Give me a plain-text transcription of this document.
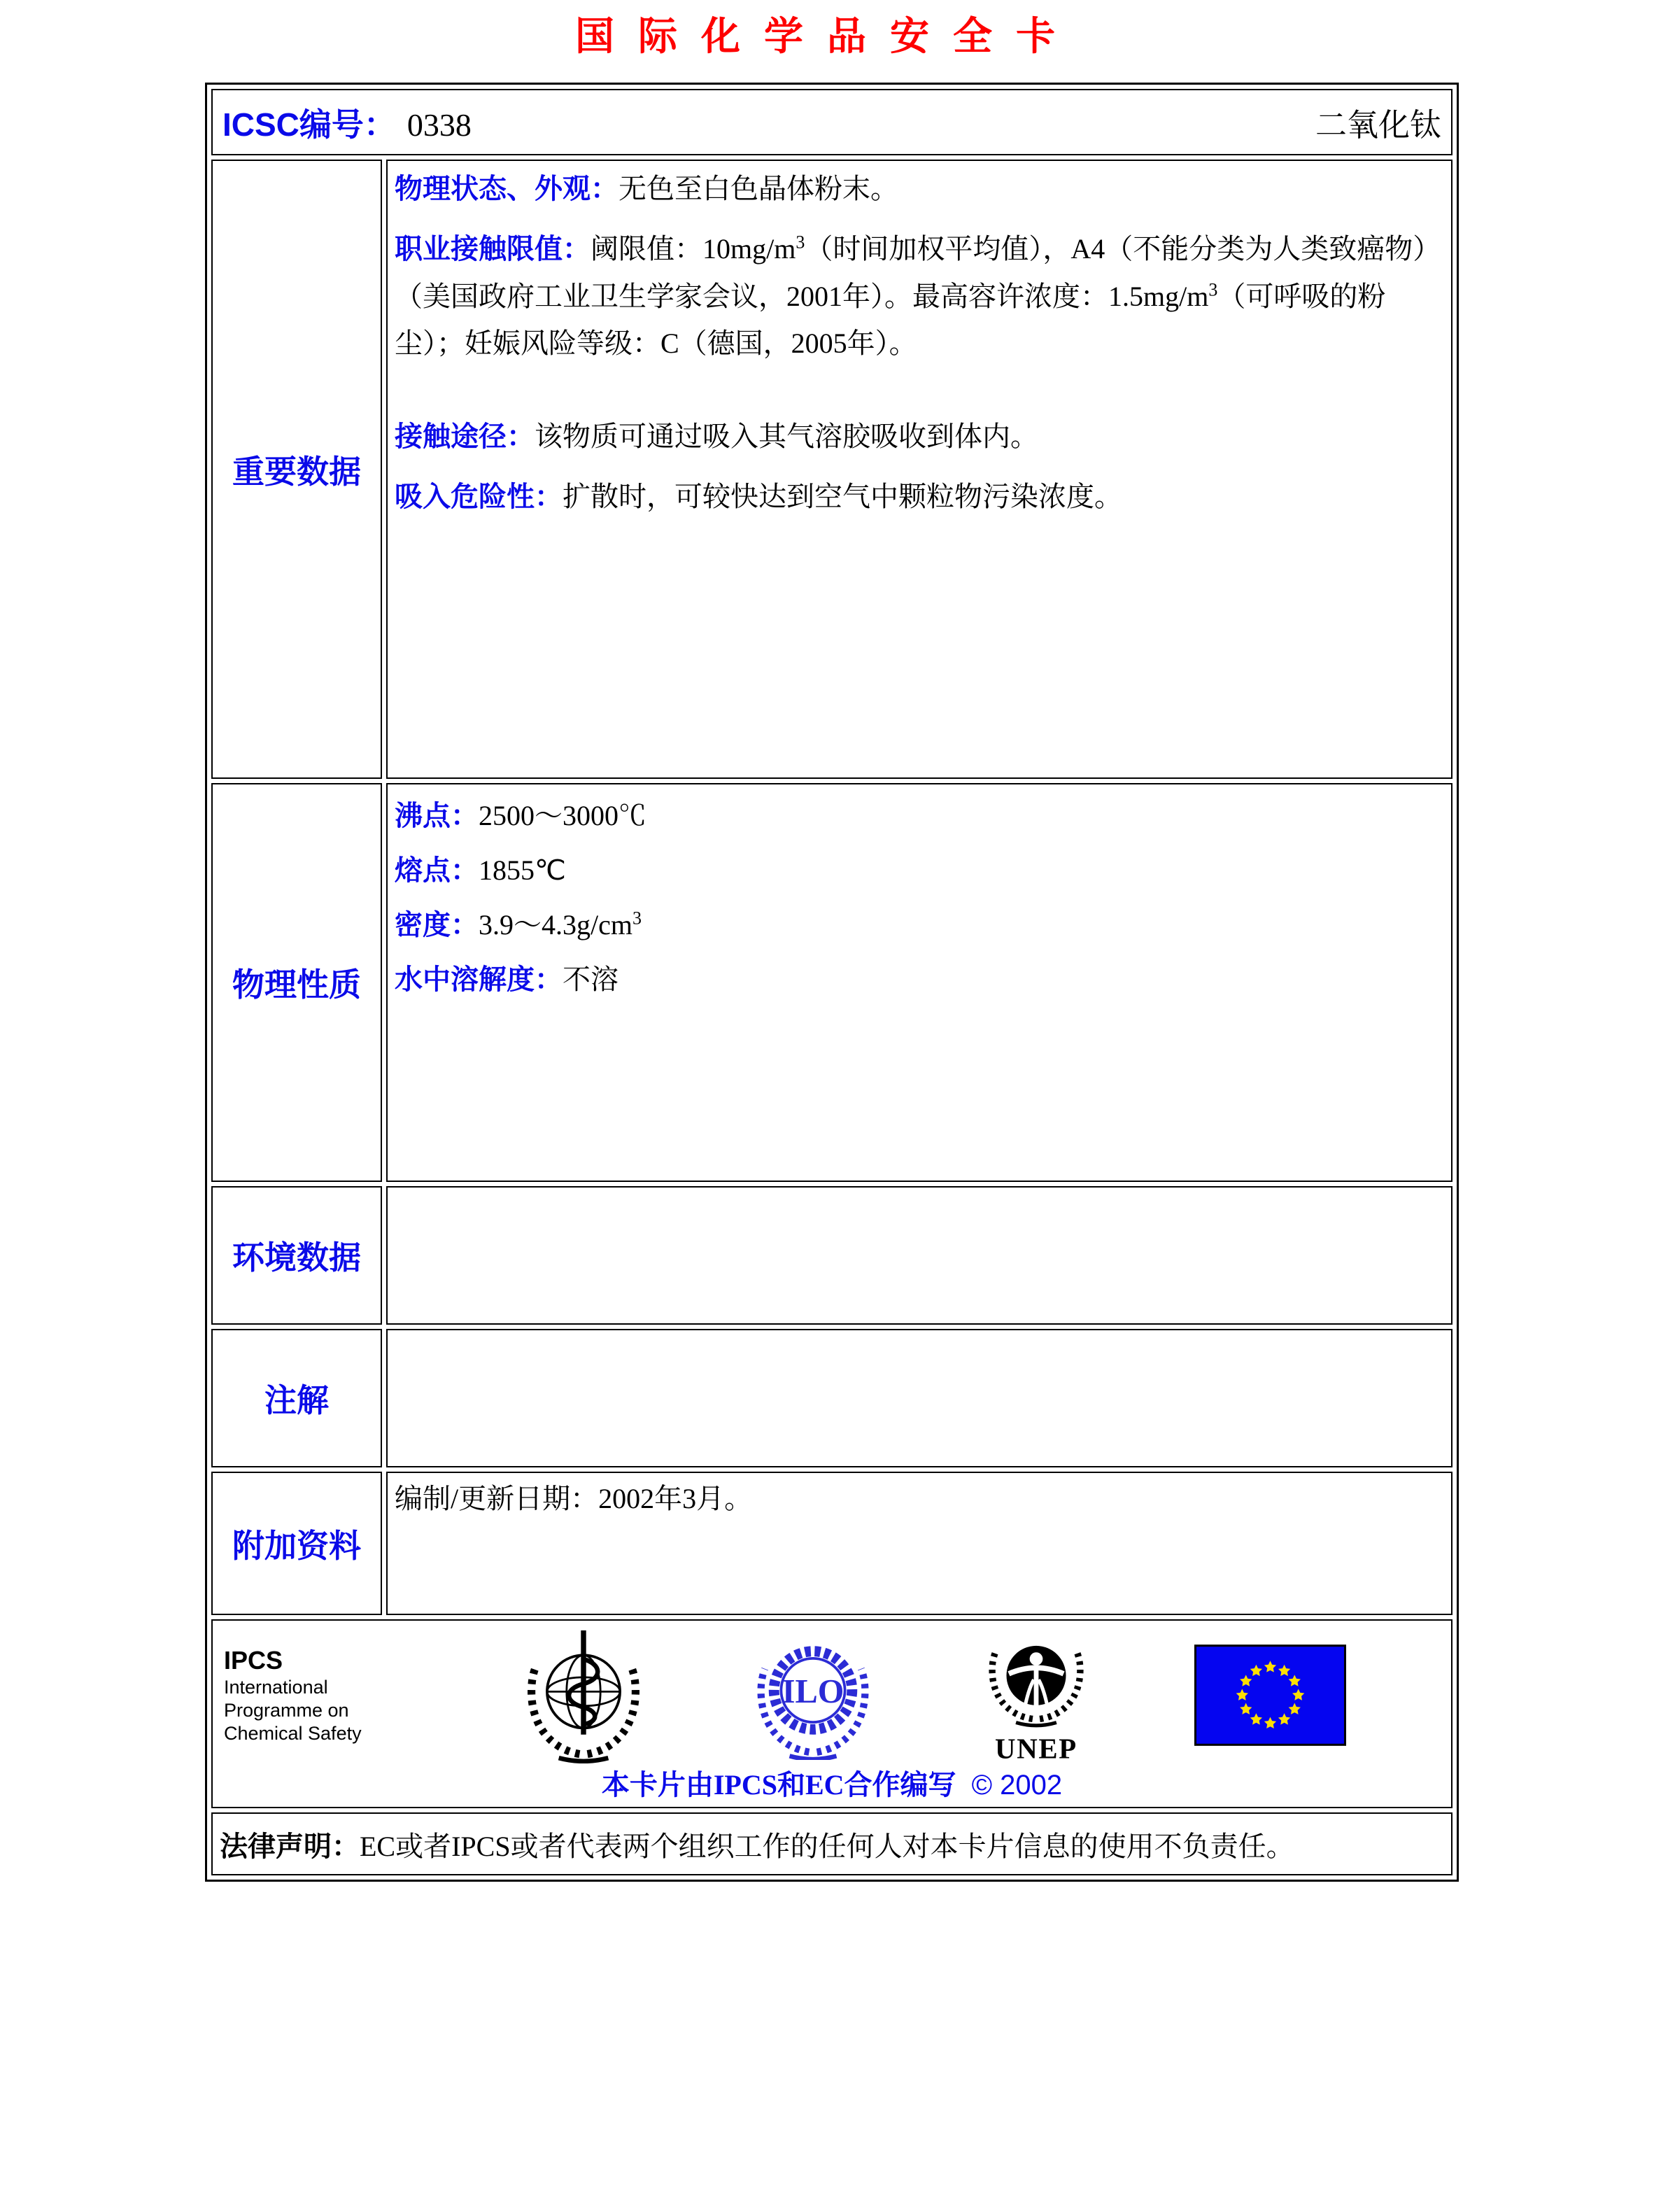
国际化学品安全卡
ICSC编号： 0338 二氧化钛	

重要数据	物理状态、外观：无色至白色晶体粉末。

职业接触限值：阈限值：$10mg/m^3$（时间加权平均值），A4（不能分类为人类致癌物）（美国政府工业卫生学家会议，2001年）。最高容许浓度：$1.5mg/m^3$（可呼吸的粉尘）；妊娠风险等级：C（德国，2005年）。

接触途径：该物质可通过吸入其气溶胶吸收到体内。

吸入危险性：扩散时，可较快达到空气中颗粒物污染浓度。

物理性质	沸点：2500～3000℃
熔点：1855℃
密度：$3.9\sim 4.3g/cm^3$
水中溶解度：不溶

环境数据	
注解	
附加资料	编制/更新日期：2002年3月。

IPCS
International
Programme on
Chemical Safety
ILO
UNEP
本卡片由IPCS和EC合作编写 © 2002

法律声明：EC或者IPCS或者代表两个组织工作的任何人对本卡片信息的使用不负责任。	
